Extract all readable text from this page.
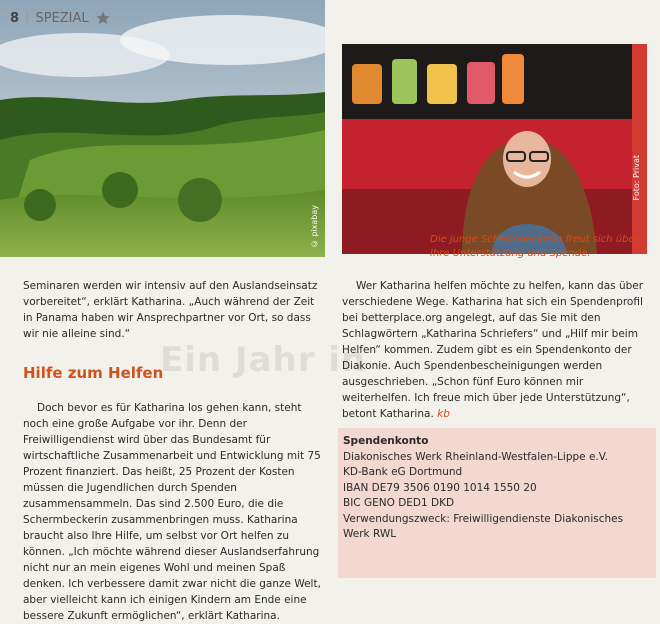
© pixabay
8 | SPEZIAL
Foto: Privat
Die junge Schermbeckerin freut sich über Ihre Unterstützung und Spende.
Ein Jahr in

Seminaren werden wir intensiv auf den Auslandseinsatz vorbereitet“, erklärt Katharina. „Auch während der Zeit in Panama haben wir Ansprechpartner vor Ort, so dass wir nie alleine sind.“

Hilfe zum Helfen

Doch bevor es für Katharina los gehen kann, steht noch eine große Aufgabe vor ihr. Denn der Freiwilligendienst wird über das Bundesamt für wirtschaftliche Zusammenarbeit und Entwicklung mit 75 Prozent finanziert. Das heißt, 25 Prozent der Kosten müssen die Jugendlichen durch Spenden zusammensammeln. Das sind 2.500 Euro, die die Schermbeckerin zusammenbringen muss. Katharina braucht also Ihre Hilfe, um selbst vor Ort helfen zu können. „Ich möchte während dieser Auslandserfahrung nicht nur an mein eigenes Wohl und meinen Spaß denken. Ich verbessere damit zwar nicht die ganze Welt, aber vielleicht kann ich einigen Kindern am Ende eine bessere Zukunft ermöglichen“, erklärt Katharina.

Wer Katharina helfen möchte zu helfen, kann das über verschiedene Wege. Katharina hat sich ein Spendenprofil bei betterplace.org angelegt, auf das Sie mit den Schlagwörtern „Katharina Schriefers“ und „Hilf mir beim Helfen“ kommen. Zudem gibt es ein Spendenkonto der Diakonie. Auch Spendenbescheinigungen werden ausgeschrieben. „Schon fünf Euro können mir weiterhelfen. Ich freue mich über jede Unterstützung“, betont Katharina. kb

Spendenkonto
Diakonisches Werk Rheinland-Westfalen-Lippe e.V.
KD-Bank eG Dortmund
IBAN DE79 3506 0190 1014 1550 20
BIC GENO DED1 DKD
Verwendungszweck: Freiwilligendienste Diakonisches
Werk RWL
